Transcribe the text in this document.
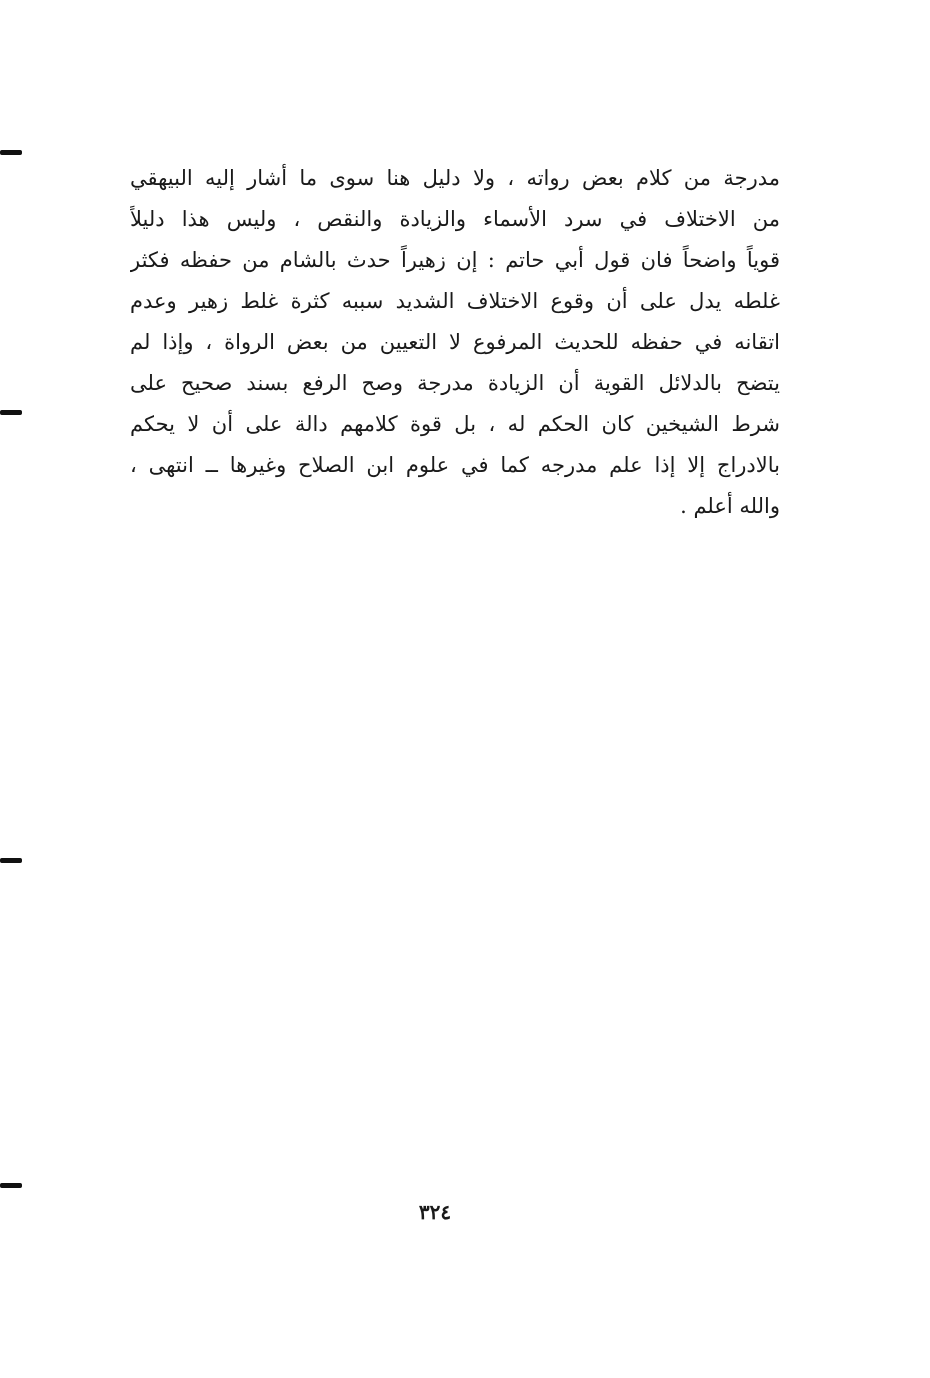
مدرجة من كلام بعض رواته ، ولا دليل هنا سوى ما أشار إليه البيهقي
من الاختلاف في سرد الأسماء والزيادة والنقص ، وليس هذا دليلاً
قوياً واضحاً فان قول أبي حاتم : إن زهيراً حدث بالشام من حفظه فكثر
غلطه يدل على أن وقوع الاختلاف الشديد سببه كثرة غلط زهير وعدم
اتقانه في حفظه للحديث المرفوع لا التعيين من بعض الرواة ، وإذا لم
يتضح بالدلائل القوية أن الزيادة مدرجة وصح الرفع بسند صحيح على
شرط الشيخين كان الحكم له ، بل قوة كلامهم دالة على أن لا يحكم
بالادراج إلا إذا علم مدرجه كما في علوم ابن الصلاح وغيرها ــ انتهى ،
والله أعلم .
٣٢٤
